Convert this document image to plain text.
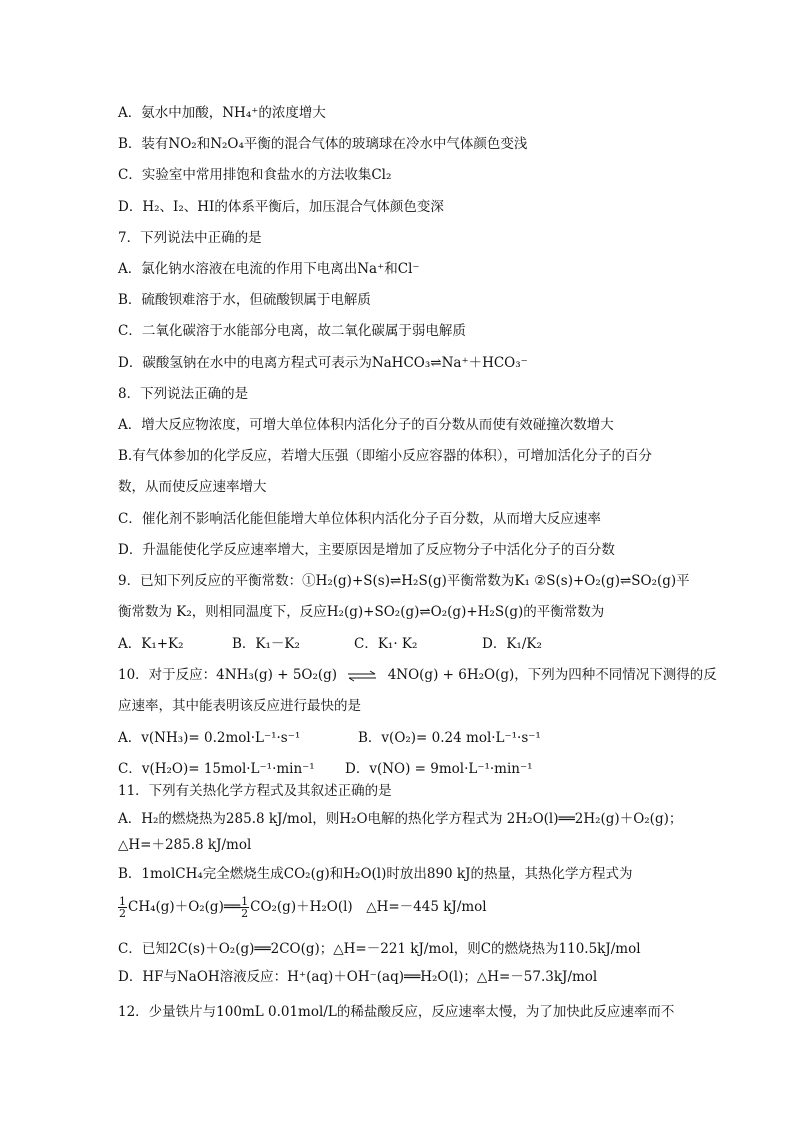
A．氨水中加酸，NH₄⁺的浓度增大
B．装有NO₂和N₂O₄平衡的混合气体的玻璃球在冷水中气体颜色变浅
C．实验室中常用排饱和食盐水的方法收集Cl₂
D．H₂、I₂、HI的体系平衡后，加压混合气体颜色变深
7．下列说法中正确的是
A．氯化钠水溶液在电流的作用下电离出Na⁺和Cl⁻
B．硫酸钡难溶于水，但硫酸钡属于电解质
C．二氧化碳溶于水能部分电离，故二氧化碳属于弱电解质
D．碳酸氢钠在水中的电离方程式可表示为NaHCO₃⇌Na⁺＋HCO₃⁻
8．下列说法正确的是
A．增大反应物浓度，可增大单位体积内活化分子的百分数从而使有效碰撞次数增大
B.有气体参加的化学反应，若增大压强（即缩小反应容器的体积），可增加活化分子的百分
数，从而使反应速率增大
C．催化剂不影响活化能但能增大单位体积内活化分子百分数，从而增大反应速率
D．升温能使化学反应速率增大，主要原因是增加了反应物分子中活化分子的百分数
9．已知下列反应的平衡常数：①H₂(g)+S(s)⇌H₂S(g)平衡常数为K₁ ②S(s)+O₂(g)⇌SO₂(g)平
衡常数为 K₂，则相同温度下，反应H₂(g)+SO₂(g)⇌O₂(g)+H₂S(g)的平衡常数为
A．K₁+K₂	B．K₁－K₂	C．K₁· K₂	D．K₁/K₂
10．对于反应：4NH₃(g) + 5O₂(g) ⇌ 4NO(g) + 6H₂O(g)，下列为四种不同情况下测得的反
应速率，其中能表明该反应进行最快的是
A．v(NH₃)= 0.2mol·L⁻¹·s⁻¹	B．v(O₂)= 0.24 mol·L⁻¹·s⁻¹
C．v(H₂O)= 15mol·L⁻¹·min⁻¹ D．v(NO) = 9mol·L⁻¹·min⁻¹
11．下列有关热化学方程式及其叙述正确的是
A．H₂的燃烧热为285.8 kJ/mol，则H₂O电解的热化学方程式为 2H₂O(l)══2H₂(g)＋O₂(g)；
△H=＋285.8 kJ/mol
B．1molCH₄完全燃烧生成CO₂(g)和H₂O(l)时放出890 kJ的热量，其热化学方程式为
$\frac{1}{2}$ CH₄(g)＋O₂(g)══ $\frac{1}{2} CO_2(g)+H_2O(l)$　△H=－445 kJ/mol
C．已知2C(s)＋O₂(g)══2CO(g)；△H=－221 kJ/mol，则C的燃烧热为110.5kJ/mol
D．HF与NaOH溶液反应：H⁺(aq)＋OH⁻(aq)══H₂O(l)；△H=－57.3kJ/mol
12．少量铁片与100mL 0.01mol/L的稀盐酸反应，反应速率太慢，为了加快此反应速率而不
